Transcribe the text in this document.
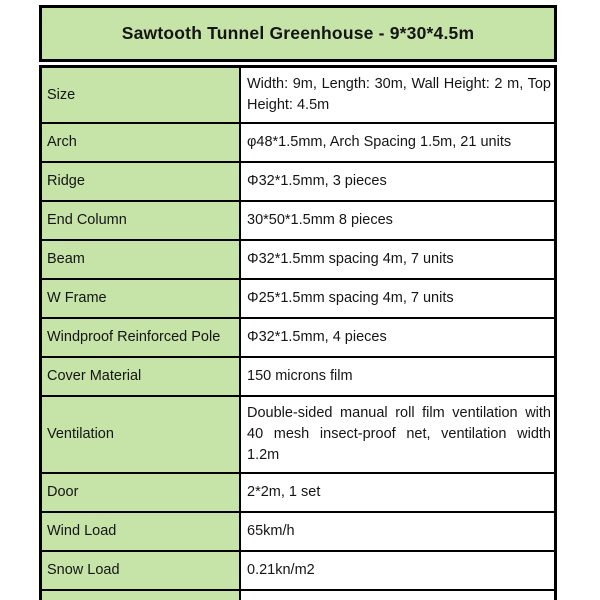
Sawtooth Tunnel Greenhouse - 9*30*4.5m
Size	Width: 9m, Length: 30m, Wall Height: 2 m, Top Height: 4.5m
Arch	φ48*1.5mm, Arch Spacing 1.5m, 21 units
Ridge	Φ32*1.5mm, 3 pieces
End Column	30*50*1.5mm 8 pieces
Beam	Φ32*1.5mm spacing 4m, 7 units
W Frame	Φ25*1.5mm spacing 4m, 7 units
Windproof Reinforced Pole	Φ32*1.5mm, 4 pieces
Cover Material	150 microns film
Ventilation	Double-sided manual roll film ventilation with 40 mesh insect-proof net, ventilation width 1.2m
Door	2*2m, 1 set
Wind Load	65km/h
Snow Load	0.21kn/m2
